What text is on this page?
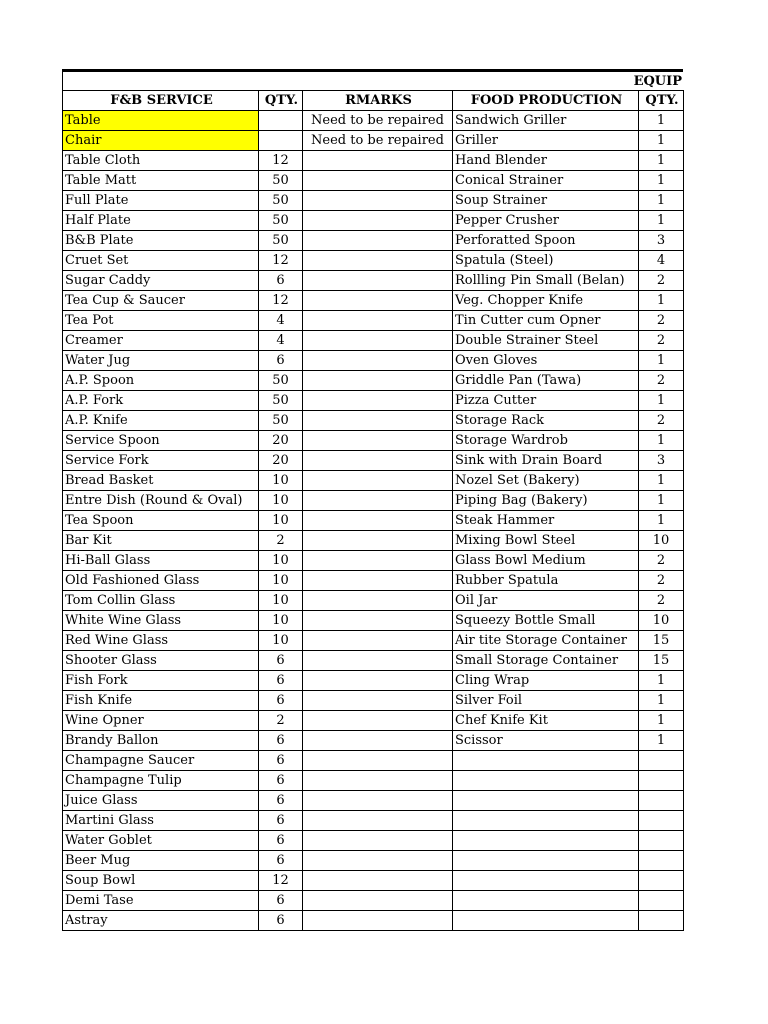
EQUIP
F&B SERVICE	QTY.	RMARKS	FOOD PRODUCTION	QTY.
Table		Need to be repaired	Sandwich Griller	1
Chair		Need to be repaired	Griller	1
Table Cloth	12		Hand Blender	1
Table Matt	50		Conical Strainer	1
Full Plate	50		Soup Strainer	1
Half Plate	50		Pepper Crusher	1
B&B Plate	50		Perforatted Spoon	3
Cruet Set	12		Spatula (Steel)	4
Sugar Caddy	6		Rollling Pin Small (Belan)	2
Tea Cup & Saucer	12		Veg. Chopper Knife	1
Tea Pot	4		Tin Cutter cum Opner	2
Creamer	4		Double Strainer Steel	2
Water Jug	6		Oven Gloves	1
A.P. Spoon	50		Griddle Pan (Tawa)	2
A.P. Fork	50		Pizza Cutter	1
A.P. Knife	50		Storage Rack	2
Service Spoon	20		Storage Wardrob	1
Service Fork	20		Sink with Drain Board	3
Bread Basket	10		Nozel Set (Bakery)	1
Entre Dish (Round & Oval)	10		Piping Bag (Bakery)	1
Tea Spoon	10		Steak Hammer	1
Bar Kit	2		Mixing Bowl Steel	10
Hi-Ball Glass	10		Glass Bowl Medium	2
Old Fashioned Glass	10		Rubber Spatula	2
Tom Collin Glass	10		Oil Jar	2
White Wine Glass	10		Squeezy Bottle Small	10
Red Wine Glass	10		Air tite Storage Container	15
Shooter Glass	6		Small Storage Container	15
Fish Fork	6		Cling Wrap	1
Fish Knife	6		Silver Foil	1
Wine Opner	2		Chef Knife Kit	1
Brandy Ballon	6		Scissor	1
Champagne Saucer	6			
Champagne Tulip	6			
Juice Glass	6			
Martini Glass	6			
Water Goblet	6			
Beer Mug	6			
Soup Bowl	12			
Demi Tase	6			
Astray	6			
